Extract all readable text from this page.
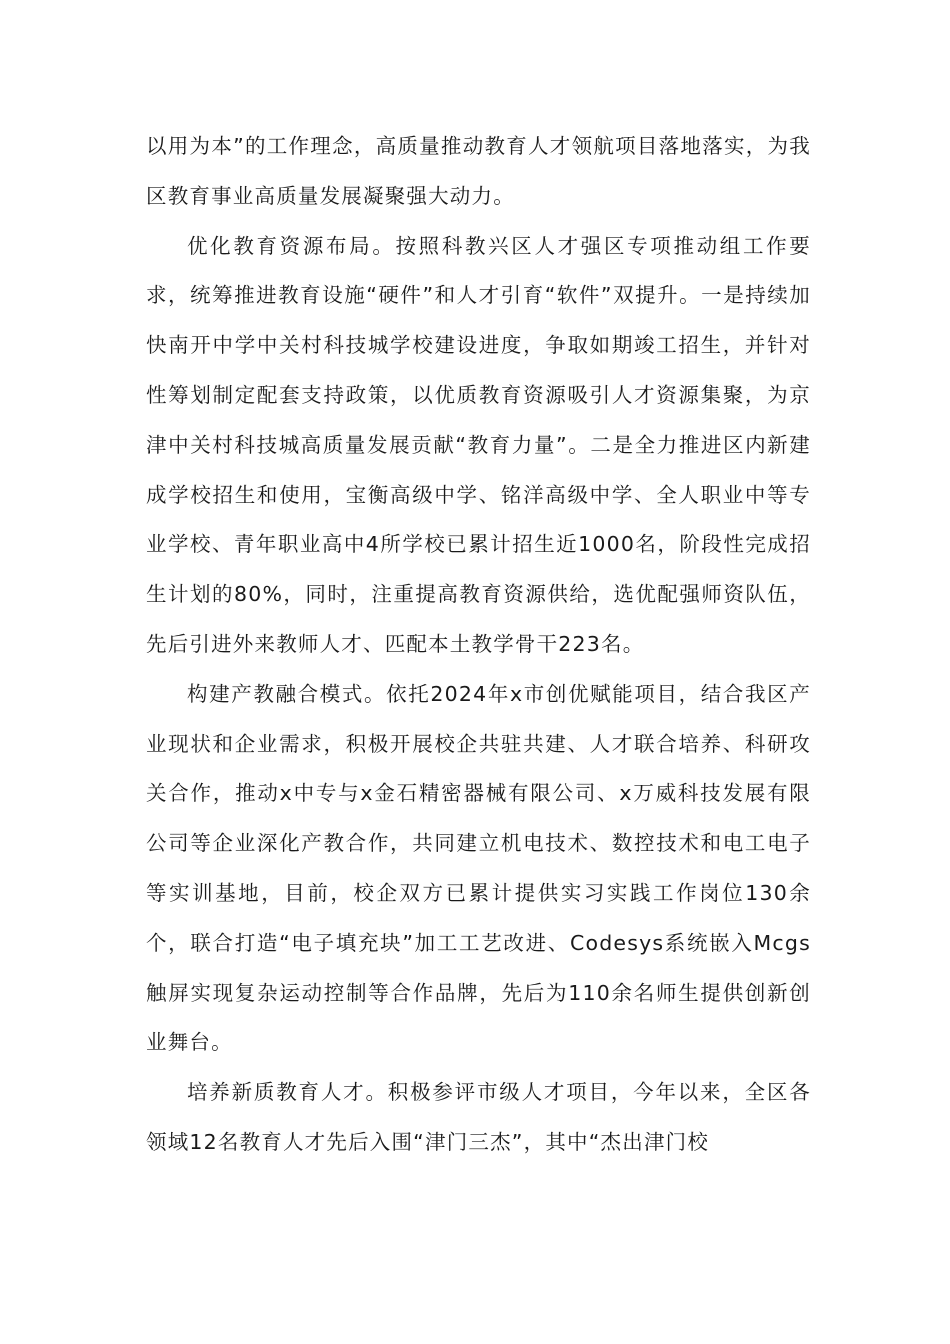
以用为本”的工作理念，高质量推动教育人才领航项目落地落实，为我区教育事业高质量发展凝聚强大动力。

优化教育资源布局。按照科教兴区人才强区专项推动组工作要求，统筹推进教育设施“硬件”和人才引育“软件”双提升。一是持续加快南开中学中关村科技城学校建设进度，争取如期竣工招生，并针对性筹划制定配套支持政策，以优质教育资源吸引人才资源集聚，为京津中关村科技城高质量发展贡献“教育力量”。二是全力推进区内新建成学校招生和使用，宝衡高级中学、铭洋高级中学、全人职业中等专业学校、青年职业高中4所学校已累计招生近1000名，阶段性完成招生计划的80%，同时，注重提高教育资源供给，选优配强师资队伍，先后引进外来教师人才、匹配本土教学骨干223名。

构建产教融合模式。依托2024年x市创优赋能项目，结合我区产业现状和企业需求，积极开展校企共驻共建、人才联合培养、科研攻关合作，推动x中专与x金石精密器械有限公司、x万威科技发展有限公司等企业深化产教合作，共同建立机电技术、数控技术和电工电子等实训基地，目前，校企双方已累计提供实习实践工作岗位130余个，联合打造“电子填充块”加工工艺改进、Codesys系统嵌入Mcgs触屏实现复杂运动控制等合作品牌，先后为110余名师生提供创新创业舞台。

培养新质教育人才。积极参评市级人才项目，今年以来，全区各领域12名教育人才先后入围“津门三杰”，其中“杰出津门校
